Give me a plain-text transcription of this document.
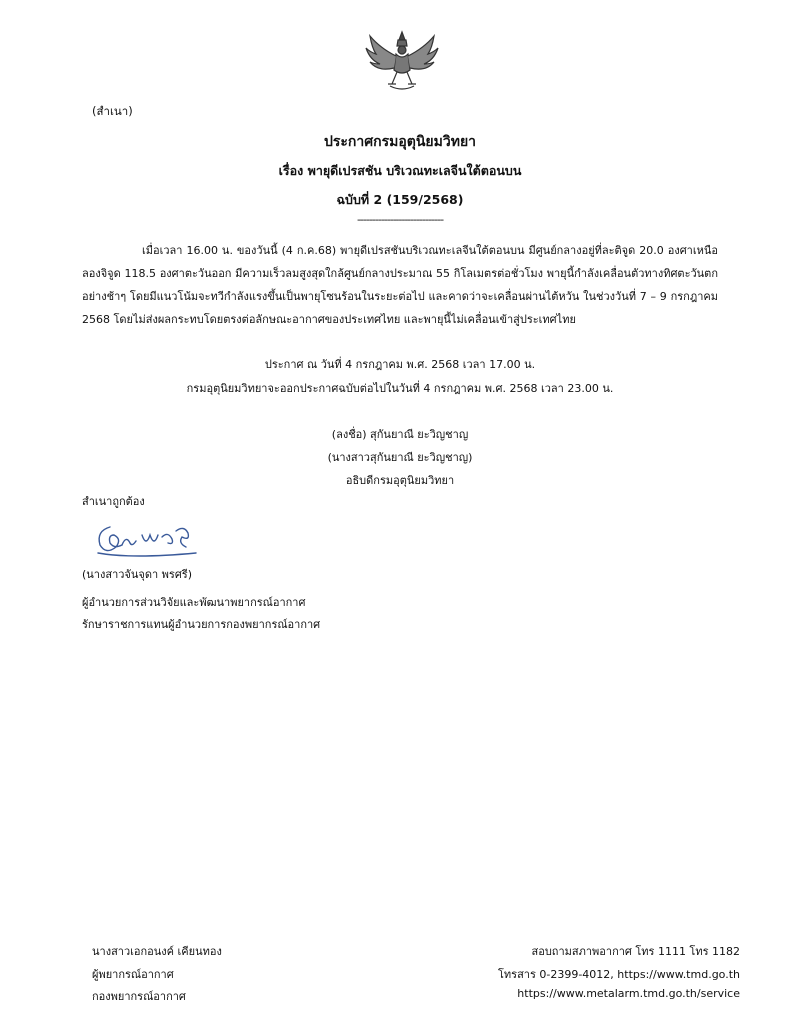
(สำเนา)
ประกาศกรมอุตุนิยมวิทยา
เรื่อง พายุดีเปรสชัน บริเวณทะเลจีนใต้ตอนบน
ฉบับที่ 2 (159/2568)
-----------------------------
เมื่อเวลา 16.00 น. ของวันนี้ (4 ก.ค.68) พายุดีเปรสชันบริเวณทะเลจีนใต้ตอนบน มีศูนย์กลางอยู่ที่ละติจูด 20.0 องศาเหนือ ลองจิจูด 118.5 องศาตะวันออก มีความเร็วลมสูงสุดใกล้ศูนย์กลางประมาณ 55 กิโลเมตรต่อชั่วโมง พายุนี้กำลังเคลื่อนตัวทางทิศตะวันตกอย่างช้าๆ โดยมีแนวโน้มจะทวีกำลังแรงขึ้นเป็นพายุโซนร้อนในระยะต่อไป และคาดว่าจะเคลื่อนผ่านไต้หวัน ในช่วงวันที่ 7 – 9 กรกฎาคม 2568 โดยไม่ส่งผลกระทบโดยตรงต่อลักษณะอากาศของประเทศไทย และพายุนี้ไม่เคลื่อนเข้าสู่ประเทศไทย
ประกาศ ณ วันที่ 4 กรกฎาคม พ.ศ. 2568 เวลา 17.00 น.
กรมอุตุนิยมวิทยาจะออกประกาศฉบับต่อไปในวันที่ 4 กรกฎาคม พ.ศ. 2568 เวลา 23.00 น.
(ลงชื่อ) สุกันยาณี ยะวิญชาญ
(นางสาวสุกันยาณี ยะวิญชาญ)
อธิบดีกรมอุตุนิยมวิทยา
สำเนาถูกต้อง
(นางสาวจันจุดา พรศรี)
ผู้อำนวยการส่วนวิจัยและพัฒนาพยากรณ์อากาศ
รักษาราชการแทนผู้อำนวยการกองพยากรณ์อากาศ
นางสาวเอกอนงค์ เคียนทอง
ผู้พยากรณ์อากาศ
กองพยากรณ์อากาศ
สอบถามสภาพอากาศ โทร 1111 โทร 1182
โทรสาร 0-2399-4012, https://www.tmd.go.th
https://www.metalarm.tmd.go.th/service
